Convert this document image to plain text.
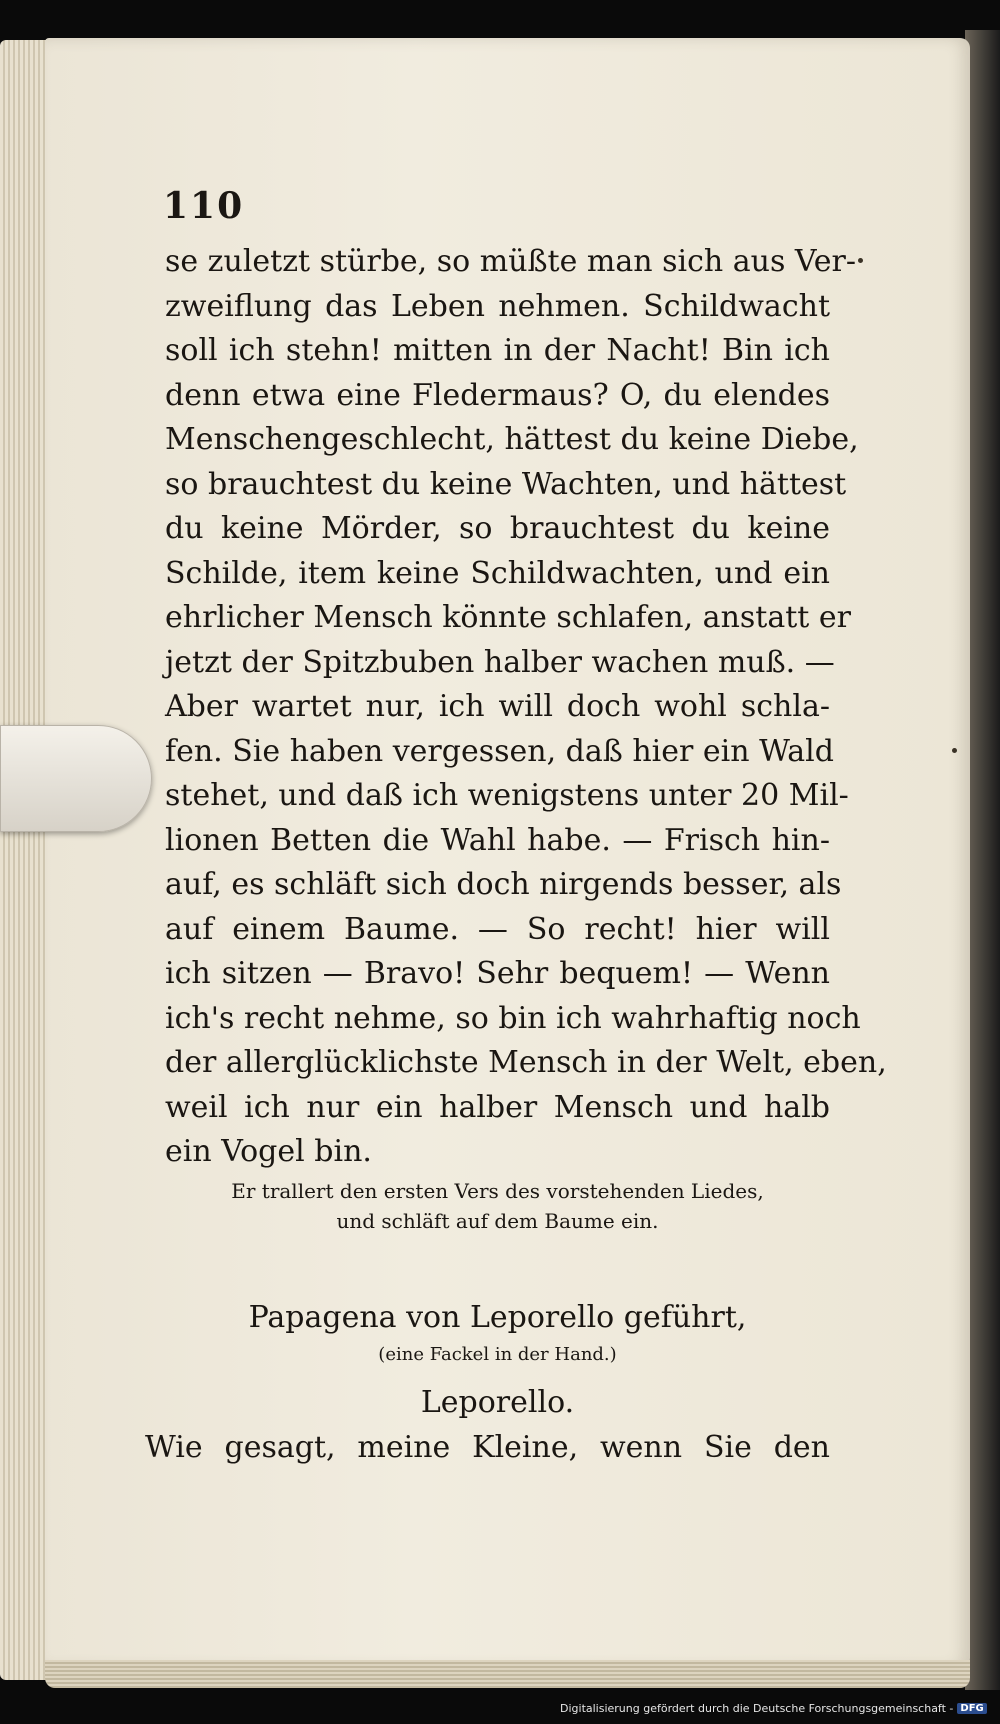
110
se zuletzt stürbe, so müßte man sich aus Ver-
zweiflung das Leben nehmen. Schildwacht
soll ich stehn! mitten in der Nacht! Bin ich
denn etwa eine Fledermaus? O, du elendes
Menschengeschlecht, hättest du keine Diebe,
so brauchtest du keine Wachten, und hättest
du keine Mörder, so brauchtest du keine
Schilde, item keine Schildwachten, und ein
ehrlicher Mensch könnte schlafen, anstatt er
jetzt der Spitzbuben halber wachen muß. —
Aber wartet nur, ich will doch wohl schla-
fen. Sie haben vergessen, daß hier ein Wald
stehet, und daß ich wenigstens unter 20 Mil-
lionen Betten die Wahl habe. — Frisch hin-
auf, es schläft sich doch nirgends besser, als
auf einem Baume. — So recht! hier will
ich sitzen — Bravo! Sehr bequem! — Wenn
ich's recht nehme, so bin ich wahrhaftig noch
der allerglücklichste Mensch in der Welt, eben,
weil ich nur ein halber Mensch und halb
ein Vogel bin.
Er trallert den ersten Vers des vorstehenden Liedes,
und schläft auf dem Baume ein.
Papagena von Leporello geführt,
(eine Fackel in der Hand.)
Leporello.
Wie gesagt, meine Kleine, wenn Sie den
Digitalisierung gefördert durch die Deutsche Forschungsgemeinschaft - DFG
